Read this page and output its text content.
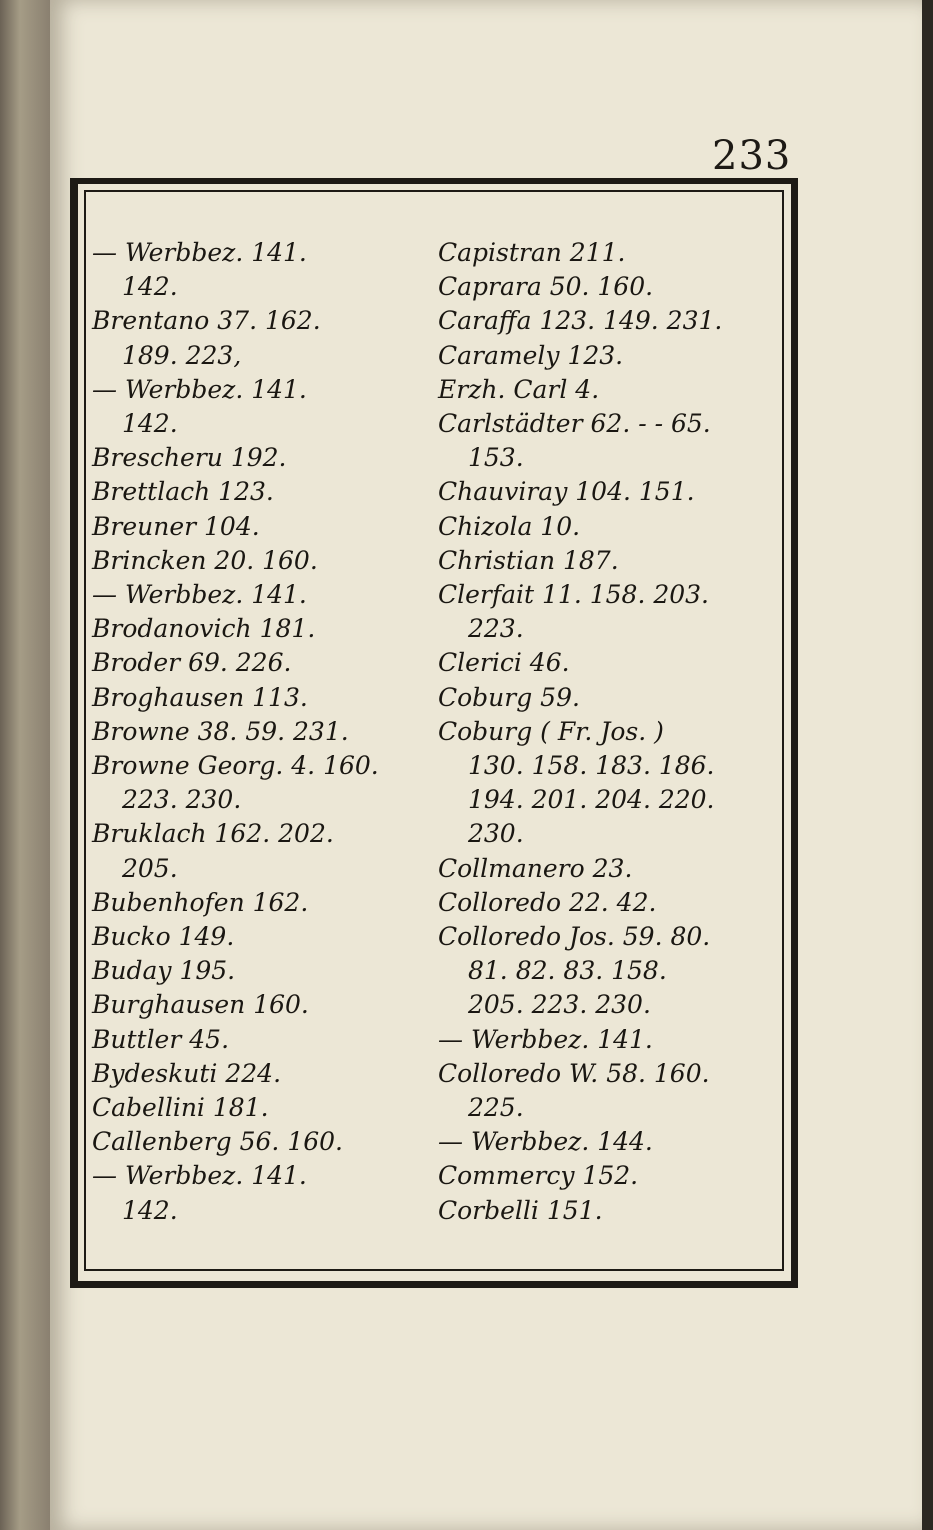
233
— Werbbez. 141.
142.
Brentano 37. 162.
189. 223,
— Werbbez. 141.
142.
Brescheru 192.
Brettlach 123.
Breuner 104.
Brincken 20. 160.
— Werbbez. 141.
Brodanovich 181.
Broder 69. 226.
Broghausen 113.
Browne 38. 59. 231.
Browne Georg. 4. 160.
223. 230.
Bruklach 162. 202.
205.
Bubenhofen 162.
Bucko 149.
Buday 195.
Burghausen 160.
Buttler 45.
Bydeskuti 224.
Cabellini 181.
Callenberg 56. 160.
— Werbbez. 141.
142.
Capistran 211.
Caprara 50. 160.
Caraffa 123. 149. 231.
Caramely 123.
Erzh. Carl 4.
Carlstädter 62. - - 65.
153.
Chauviray 104. 151.
Chizola 10.
Christian 187.
Clerfait 11. 158. 203.
223.
Clerici 46.
Coburg 59.
Coburg ( Fr. Jos. )
130. 158. 183. 186.
194. 201. 204. 220.
230.
Collmanero 23.
Colloredo 22. 42.
Colloredo Jos. 59. 80.
81. 82. 83. 158.
205. 223. 230.
— Werbbez. 141.
Colloredo W. 58. 160.
225.
— Werbbez. 144.
Commercy 152.
Corbelli 151.
